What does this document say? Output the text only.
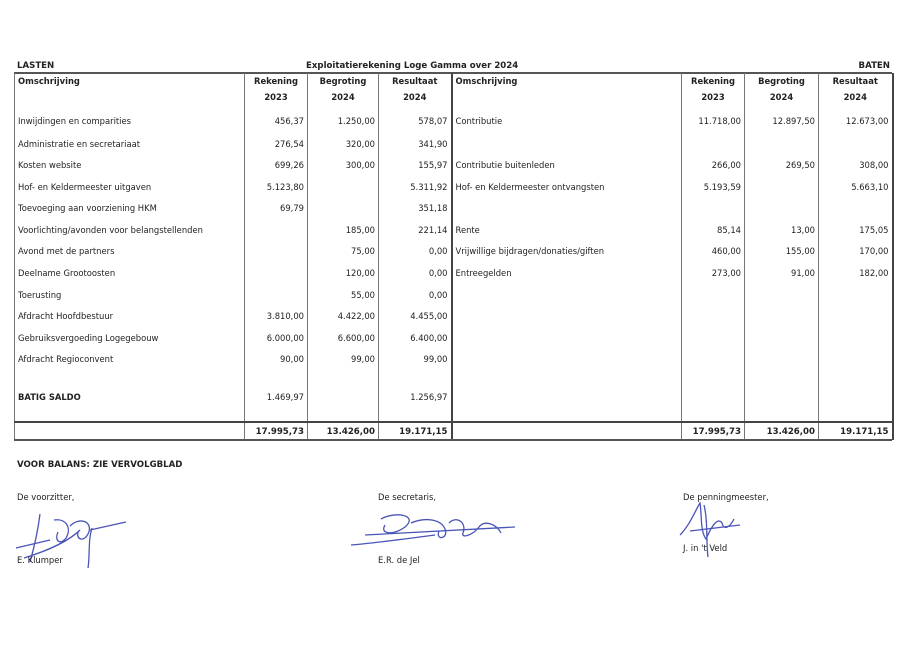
LASTEN	Exploitatierekening Loge Gamma over 2024	BATEN
Omschrijving	Rekening	Begroting	Resultaat	Omschrijving	Rekening	Begroting	Resultaat
	2023	2024	2024		2023	2024	2024
Inwijdingen en comparities	456,37	1.250,00	578,07	Contributie	11.718,00	12.897,50	12.673,00
Administratie en secretariaat	276,54	320,00	341,90				
Kosten website	699,26	300,00	155,97	Contributie buitenleden	266,00	269,50	308,00
Hof- en Keldermeester uitgaven	5.123,80		5.311,92	Hof- en Keldermeester ontvangsten	5.193,59		5.663,10
Toevoeging aan voorziening HKM	69,79		351,18				
Voorlichting/avonden voor belangstellenden		185,00	221,14	Rente	85,14	13,00	175,05
Avond met de partners		75,00	0,00	Vrijwillige bijdragen/donaties/giften	460,00	155,00	170,00
Deelname Grootoosten		120,00	0,00	Entreegelden	273,00	91,00	182,00
Toerusting		55,00	0,00				
Afdracht Hoofdbestuur	3.810,00	4.422,00	4.455,00				
Gebruiksvergoeding Logegebouw	6.000,00	6.600,00	6.400,00				
Afdracht Regioconvent	90,00	99,00	99,00				

BATIG SALDO	1.469,97		1.256,97				

	17.995,73	13.426,00	19.171,15		17.995,73	13.426,00	19.171,15
VOOR BALANS: ZIE VERVOLGBLAD
De voorzitter,	De secretaris,	De penningmeester,
E. Klumper	E.R. de Jel
J. in 't Veld
